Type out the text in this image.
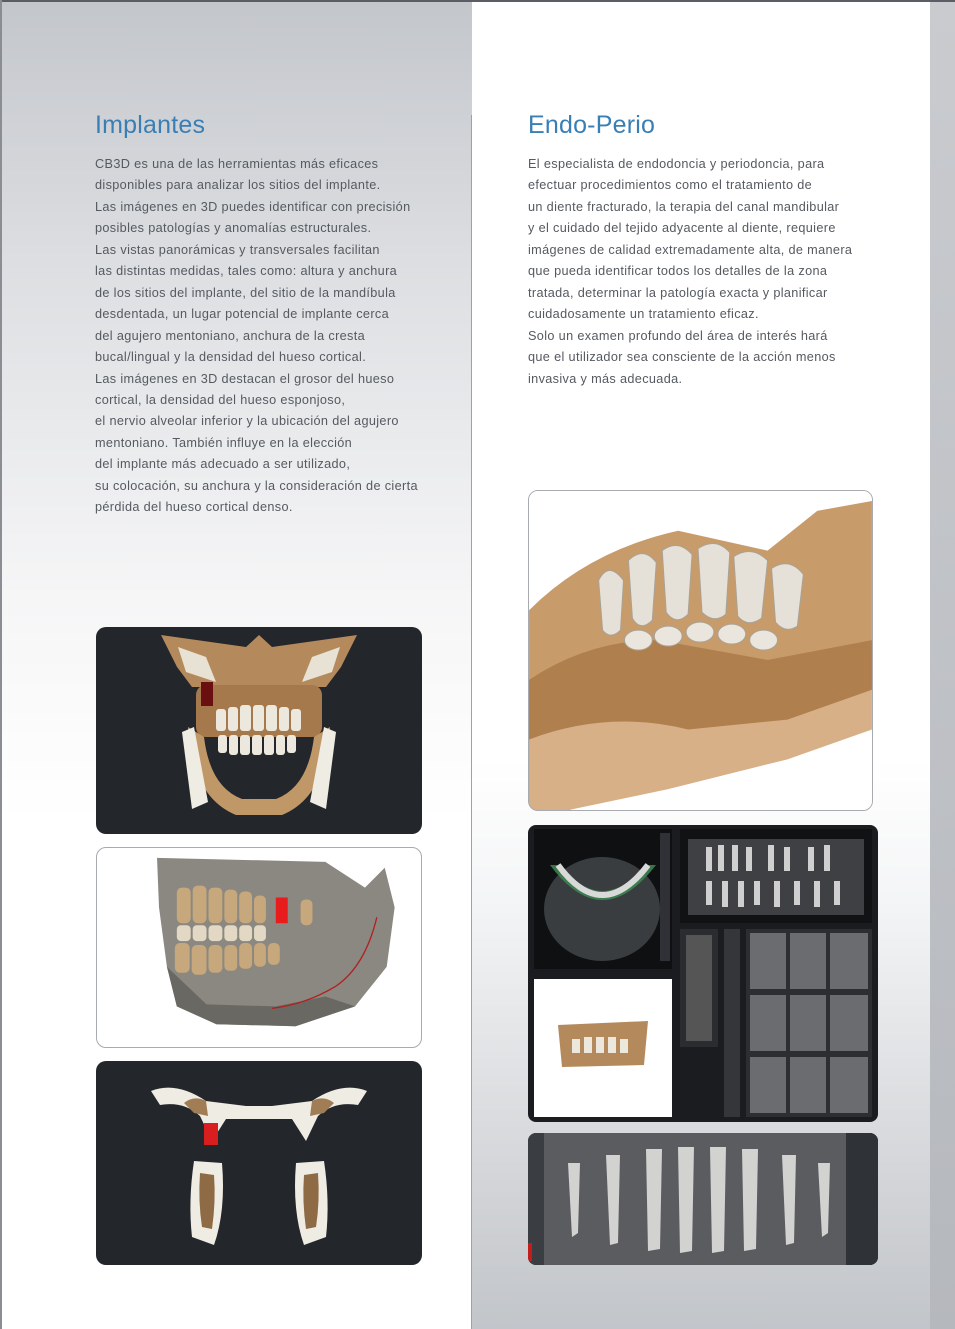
Implantes
CB3D es una de las herramientas más eficaces
disponibles para analizar los sitios del implante.
Las imágenes en 3D puedes identificar con precisión
posibles patologías y anomalías estructurales.
Las vistas panorámicas y transversales facilitan
las distintas medidas, tales como: altura y anchura
de los sitios del implante, del sitio de la mandíbula
desdentada, un lugar potencial de implante cerca
del agujero mentoniano, anchura de la cresta
bucal/lingual y la densidad del hueso cortical.
Las imágenes en 3D destacan el grosor del hueso
cortical, la densidad del hueso esponjoso,
el nervio alveolar inferior y la ubicación del agujero
mentoniano. También influye en la elección
del implante más adecuado a ser utilizado,
su colocación, su anchura y la consideración de cierta
pérdida del hueso cortical denso.
Endo-Perio
El especialista de endodoncia y periodoncia, para
efectuar procedimientos como el tratamiento de
un diente fracturado, la terapia del canal mandibular
y el cuidado del tejido adyacente al diente, requiere
imágenes de calidad extremadamente alta, de manera
que pueda identificar todos los detalles de la zona
tratada, determinar la patología exacta y planificar
cuidadosamente un tratamiento eficaz.
Solo un examen profundo del área de interés hará
que el utilizador sea consciente de la acción menos
invasiva y más adecuada.
